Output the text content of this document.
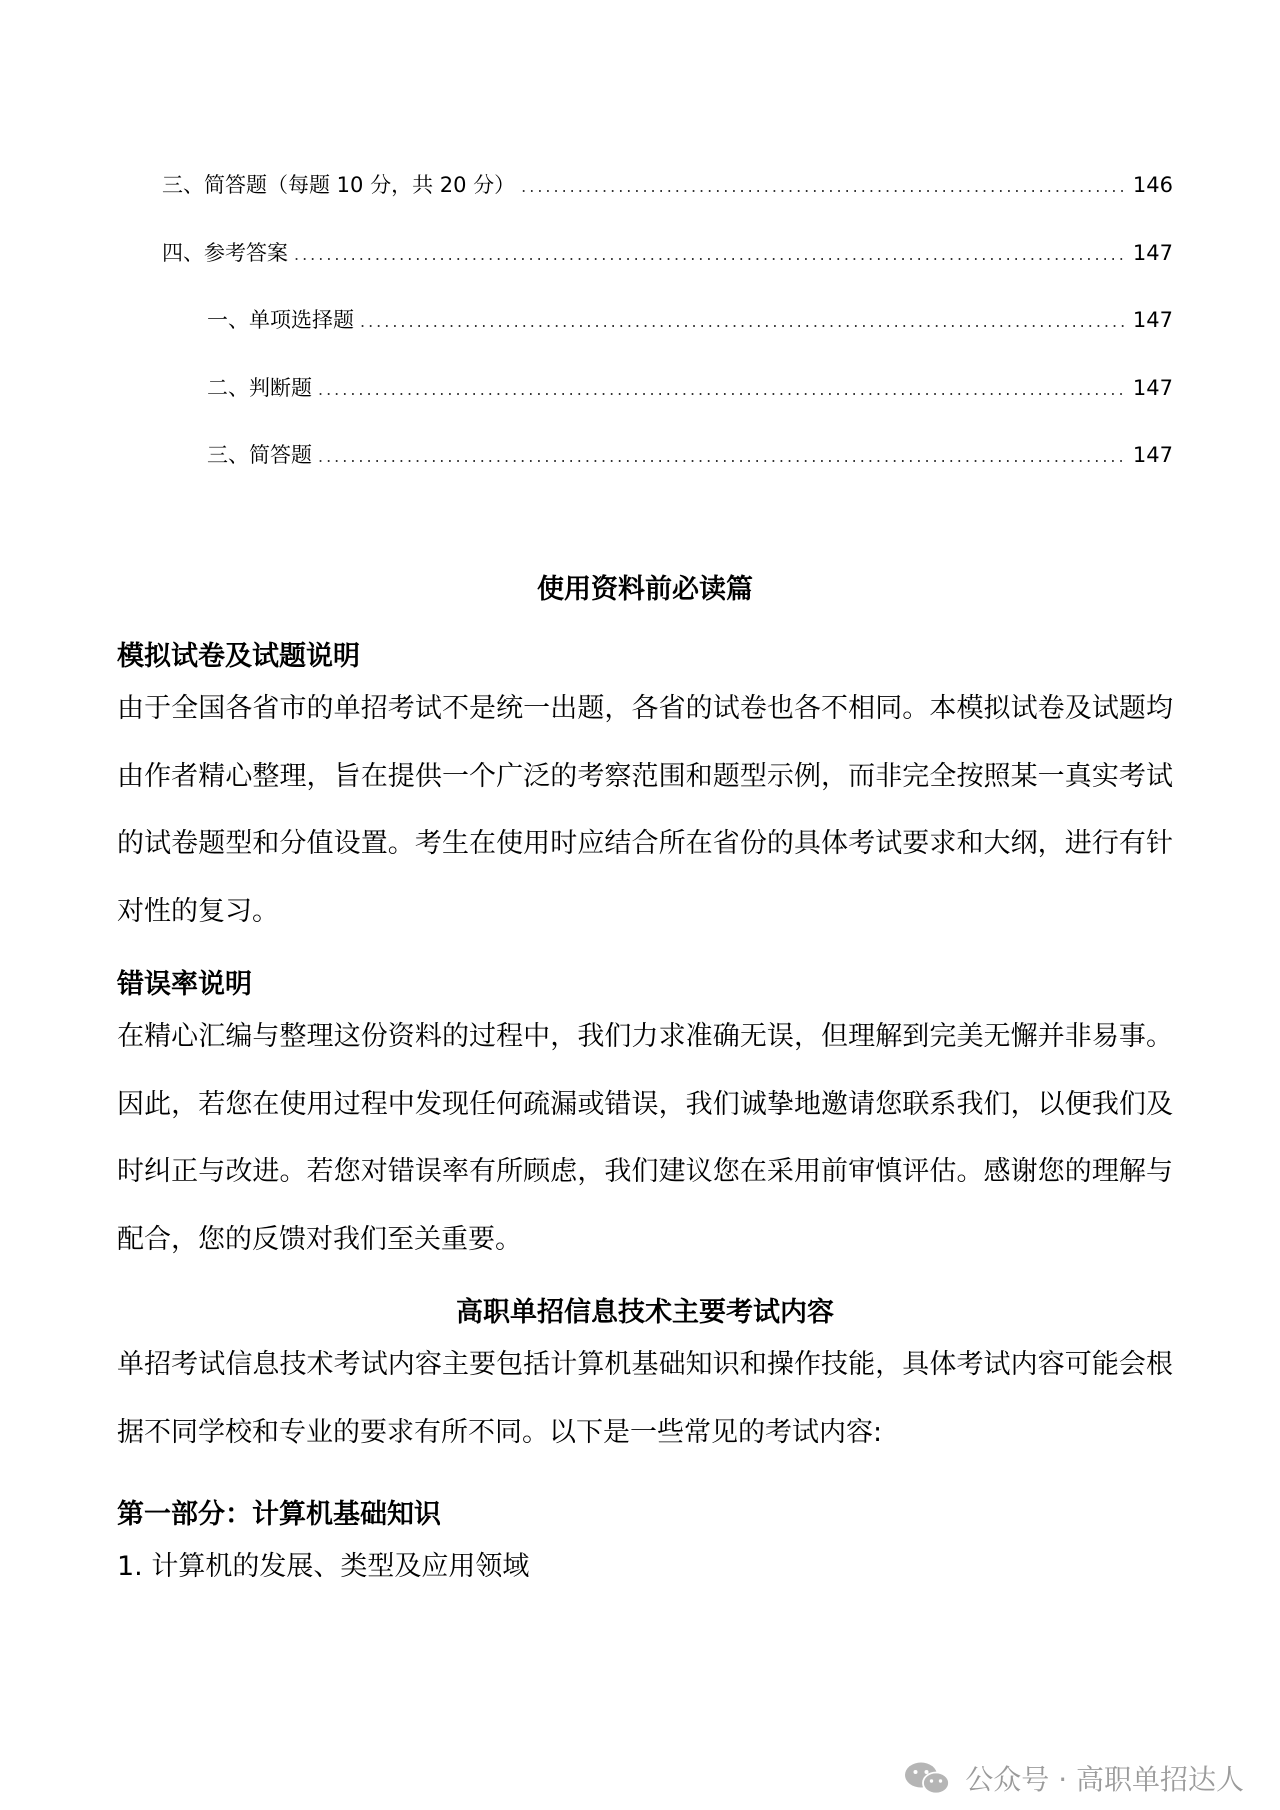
三、简答题（每题 10 分，共 20 分） .....	146
四、参考答案 .....	147
一、单项选择题 .....	147
二、判断题 .....	147
三、简答题 .....	147
使用资料前必读篇
模拟试卷及试题说明

由于全国各省市的单招考试不是统一出题，各省的试卷也各不相同。本模拟试卷及试题均由作者精心整理，旨在提供一个广泛的考察范围和题型示例，而非完全按照某一真实考试的试卷题型和分值设置。考生在使用时应结合所在省份的具体考试要求和大纲，进行有针对性的复习。

错误率说明

在精心汇编与整理这份资料的过程中，我们力求准确无误，但理解到完美无懈并非易事。因此，若您在使用过程中发现任何疏漏或错误，我们诚挚地邀请您联系我们，以便我们及时纠正与改进。若您对错误率有所顾虑，我们建议您在采用前审慎评估。感谢您的理解与配合，您的反馈对我们至关重要。

高职单招信息技术主要考试内容

单招考试信息技术考试内容主要包括计算机基础知识和操作技能，具体考试内容可能会根据不同学校和专业的要求有所不同。以下是一些常见的考试内容:

第一部分：计算机基础知识

1. 计算机的发展、类型及应用领域

公众号 · 高职单招达人
